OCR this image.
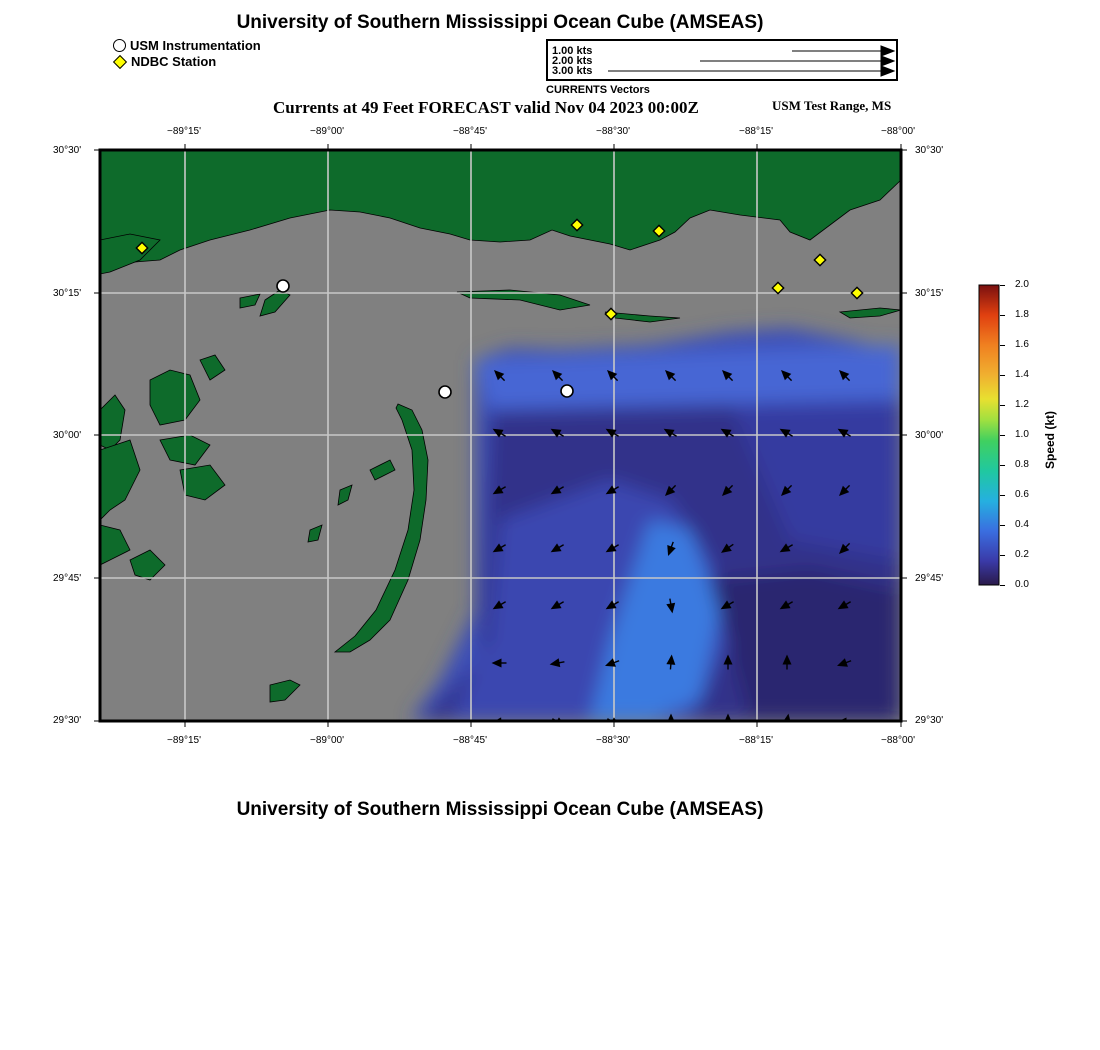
University of Southern Mississippi Ocean Cube (AMSEAS)
USM Instrumentation
NDBC Station
1.00 kts
2.00 kts
3.00 kts
CURRENTS Vectors
Currents at 49 Feet FORECAST valid Nov 04 2023 00:00Z	USM Test Range, MS
−89°15'	−89°00'	−88°45'	−88°30'	−88°15'	−88°00'
−89°15'	−89°00'	−88°45'	−88°30'	−88°15'	−88°00'
30°30'
30°15'
30°00'
29°45'
29°30'
30°30'
30°15'
30°00'
29°45'
29°30'
2.0
1.8
1.6
1.4
1.2
1.0
0.8
0.6
0.4
0.2
0.0
Speed (kt)
University of Southern Mississippi Ocean Cube (AMSEAS)
